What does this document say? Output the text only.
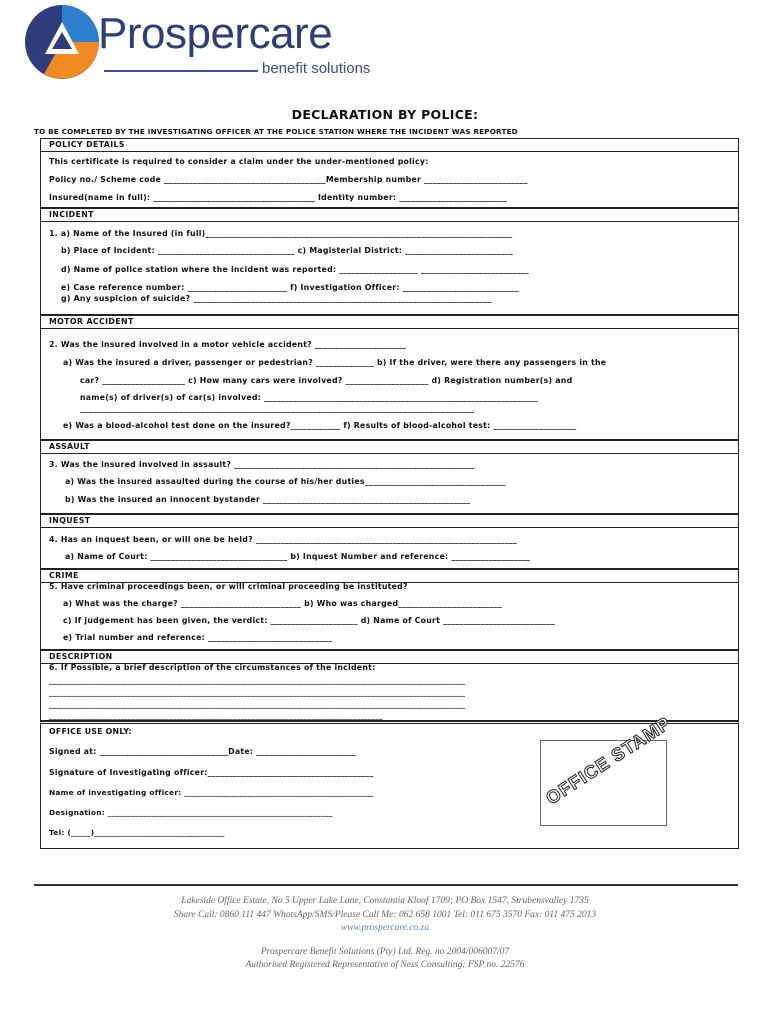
Prospercare
benefit solutions
DECLARATION BY POLICE:
TO BE COMPLETED BY THE INVESTIGATING OFFICER AT THE POLICE STATION WHERE THE INCIDENT WAS REPORTED
POLICY DETAILS
This certificate is required to consider a claim under the under-mentioned policy:
Policy no./ Scheme code _______________________________________Membership number _________________________
Insured(name in full): _______________________________________ Identity number: __________________________
INCIDENT
1. a) Name of the Insured (in full)__________________________________________________________________________
b) Place of Incident: _________________________________ c) Magisterial District: __________________________
d) Name of police station where the incident was reported: ___________________ __________________________
e) Case reference number: ________________________ f) Investigation Officer: ____________________________
g) Any suspicion of suicide? ________________________________________________________________________
MOTOR ACCIDENT
2. Was the insured involved in a motor vehicle accident? ______________________
a) Was the insured a driver, passenger or pedestrian? ______________ b) If the driver, were there any passengers in the
car? ____________________ c) How many cars were involved? ____________________ d) Registration number(s) and
name(s) of driver(s) of car(s) involved: __________________________________________________________________
_______________________________________________________________________________________________
e) Was a blood-alcohol test done on the insured?____________ f) Results of blood-alcohol test: ____________________
ASSAULT
3. Was the insured involved in assault? __________________________________________________________
a) Was the insured assaulted during the course of his/her duties__________________________________
b) Was the insured an innocent bystander __________________________________________________
INQUEST
4. Has an inquest been, or will one be held? _______________________________________________________________
a) Name of Court: _________________________________ b) Inquest Number and reference: ___________________
CRIME
5. Have criminal proceedings been, or will criminal proceeding be instituted?
a) What was the charge? _____________________________ b) Who was charged_________________________
c) If judgement has been given, the verdict: _____________________ d) Name of Court ___________________________
e) Trial number and reference: ______________________________
DESCRIPTION
6. If Possible, a brief description of the circumstances of the incident:
_______________________________________________________________________________________________________________
_______________________________________________________________________________________________________________
_______________________________________________________________________________________________________________
_________________________________________________________________________________________
OFFICE USE ONLY:
Signed at: _______________________________Date: ________________________
Signature of Investigating officer:________________________________________
Name of investigating officer: ________________________________________________
Designation: _________________________________________________________
Tel: (_____)_________________________________
OFFICE STAMP
Lakeside Office Estate, No 5 Upper Lake Lane, Constantia Kloof 1709; PO Box 1547, Strubensvalley 1735
Share Call: 0860 111 447 WhatsApp/SMS/Please Call Me: 062 658 1001 Tel: 011 675 3570 Fax: 011 475 2013
www.prospercare.co.za
Prospercare Benefit Solutions (Pty) Ltd. Reg. no 2004/006007/07
Authorised Registered Representative of Ness Consulting; FSP no. 22576
